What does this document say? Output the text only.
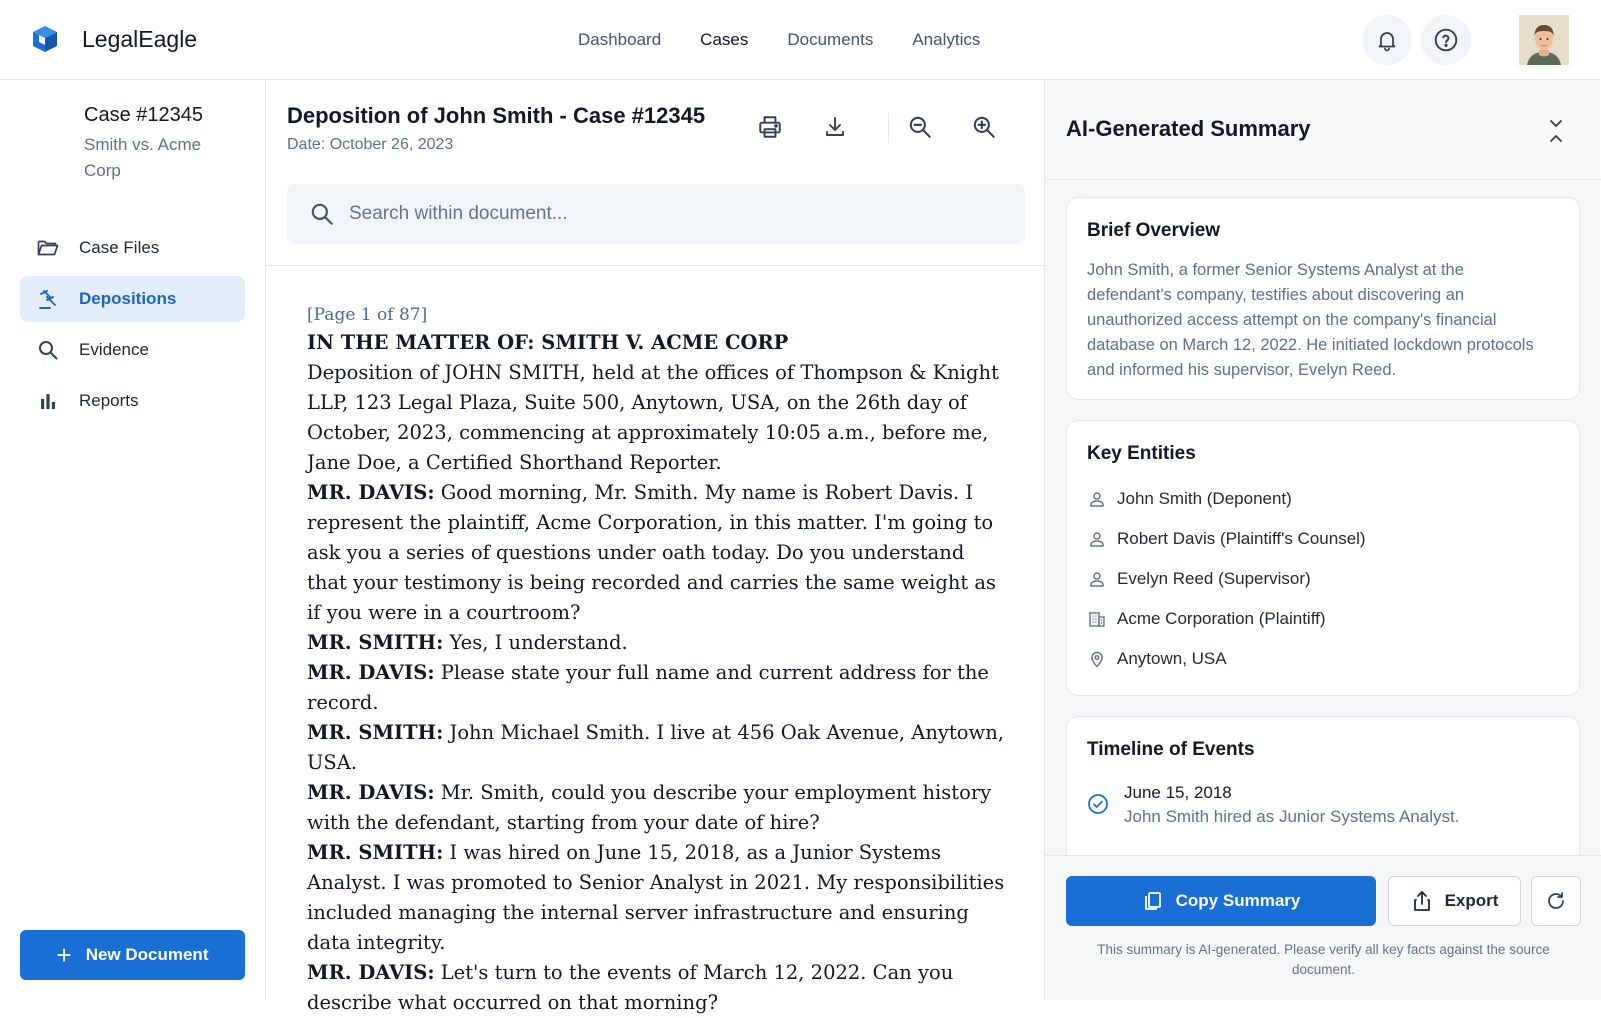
LegalEagle	Dashboard Cases Documents Analytics
Case #12345
Smith vs. Acme Corp
Case Files
Depositions
Evidence
Reports
+ New Document
Deposition of John Smith - Case #12345
Date: October 26, 2023
Search within document...
[Page 1 of 87]
IN THE MATTER OF: SMITH V. ACME CORP
Deposition of JOHN SMITH, held at the offices of Thompson & Knight LLP, 123 Legal Plaza, Suite 500, Anytown, USA, on the 26th day of October, 2023, commencing at approximately 10:05 a.m., before me, Jane Doe, a Certified Shorthand Reporter.
MR. DAVIS: Good morning, Mr. Smith. My name is Robert Davis. I represent the plaintiff, Acme Corporation, in this matter. I'm going to ask you a series of questions under oath today. Do you understand that your testimony is being recorded and carries the same weight as if you were in a courtroom?
MR. SMITH: Yes, I understand.
MR. DAVIS: Please state your full name and current address for the record.
MR. SMITH: John Michael Smith. I live at 456 Oak Avenue, Anytown, USA.
MR. DAVIS: Mr. Smith, could you describe your employment history with the defendant, starting from your date of hire?
MR. SMITH: I was hired on June 15, 2018, as a Junior Systems Analyst. I was promoted to Senior Analyst in 2021. My responsibilities included managing the internal server infrastructure and ensuring data integrity.
MR. DAVIS: Let's turn to the events of March 12, 2022. Can you describe what occurred on that morning?
AI-Generated Summary
Brief Overview
John Smith, a former Senior Systems Analyst at the defendant's company, testifies about discovering an unauthorized access attempt on the company's financial database on March 12, 2022. He initiated lockdown protocols and informed his supervisor, Evelyn Reed.
Key Entities
John Smith (Deponent)
Robert Davis (Plaintiff's Counsel)
Evelyn Reed (Supervisor)
Acme Corporation (Plaintiff)
Anytown, USA
Timeline of Events
June 15, 2018
John Smith hired as Junior Systems Analyst.
Copy Summary	Export
This summary is AI-generated. Please verify all key facts against the source document.
